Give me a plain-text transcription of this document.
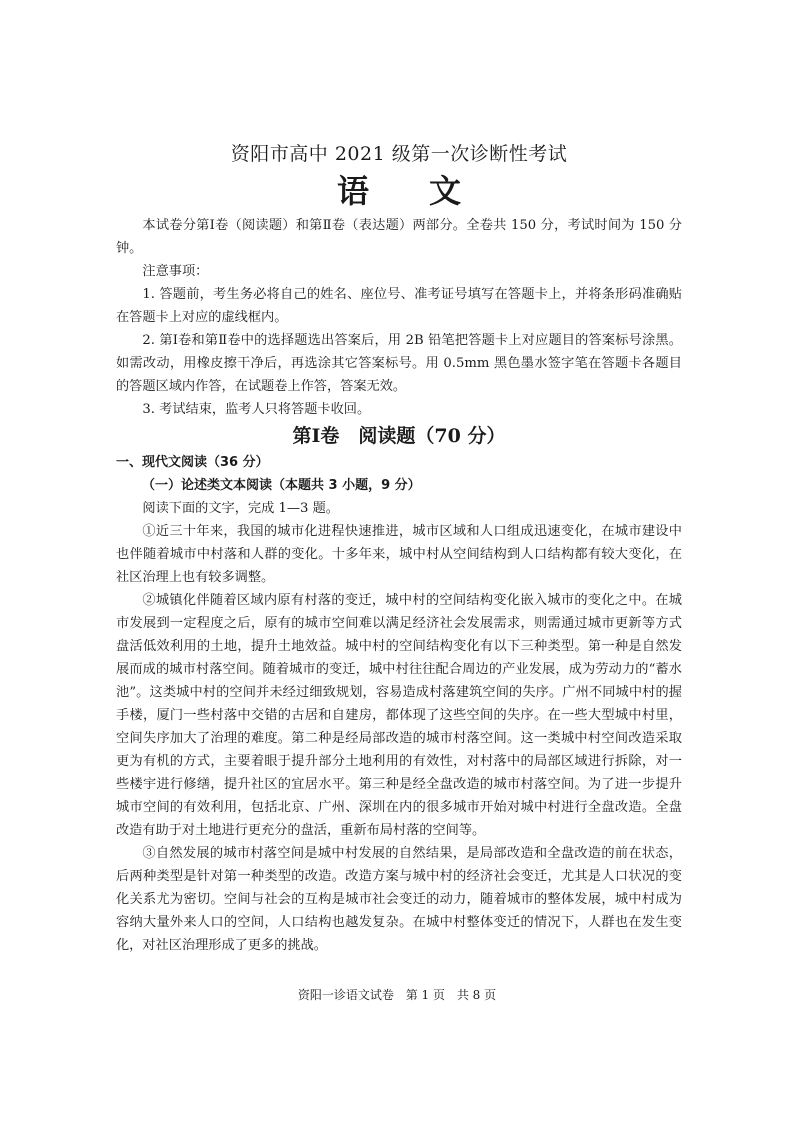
资阳市高中 2021 级第一次诊断性考试
语 文

本试卷分第Ⅰ卷（阅读题）和第Ⅱ卷（表达题）两部分。全卷共 150 分，考试时间为 150 分钟。

注意事项：

1. 答题前，考生务必将自己的姓名、座位号、准考证号填写在答题卡上，并将条形码准确贴在答题卡上对应的虚线框内。

2. 第Ⅰ卷和第Ⅱ卷中的选择题选出答案后，用 2B 铅笔把答题卡上对应题目的答案标号涂黑。如需改动，用橡皮擦干净后，再选涂其它答案标号。用 0.5mm 黑色墨水签字笔在答题卡各题目的答题区域内作答，在试题卷上作答，答案无效。

3. 考试结束，监考人只将答题卡收回。

第Ⅰ卷　阅读题（70 分）
一、现代文阅读（36 分）
（一）论述类文本阅读（本题共 3 小题，9 分）

阅读下面的文字，完成 1—3 题。

①近三十年来，我国的城市化进程快速推进，城市区域和人口组成迅速变化，在城市建设中也伴随着城市中村落和人群的变化。十多年来，城中村从空间结构到人口结构都有较大变化，在社区治理上也有较多调整。

②城镇化伴随着区域内原有村落的变迁，城中村的空间结构变化嵌入城市的变化之中。在城市发展到一定程度之后，原有的城市空间难以满足经济社会发展需求，则需通过城市更新等方式盘活低效利用的土地，提升土地效益。城中村的空间结构变化有以下三种类型。第一种是自然发展而成的城市村落空间。随着城市的变迁，城中村往往配合周边的产业发展，成为劳动力的“蓄水池”。这类城中村的空间并未经过细致规划，容易造成村落建筑空间的失序。广州不同城中村的握手楼，厦门一些村落中交错的古居和自建房，都体现了这些空间的失序。在一些大型城中村里，空间失序加大了治理的难度。第二种是经局部改造的城市村落空间。这一类城中村空间改造采取更为有机的方式，主要着眼于提升部分土地利用的有效性，对村落中的局部区域进行拆除，对一些楼宇进行修缮，提升社区的宜居水平。第三种是经全盘改造的城市村落空间。为了进一步提升城市空间的有效利用，包括北京、广州、深圳在内的很多城市开始对城中村进行全盘改造。全盘改造有助于对土地进行更充分的盘活，重新布局村落的空间等。

③自然发展的城市村落空间是城中村发展的自然结果，是局部改造和全盘改造的前在状态，后两种类型是针对第一种类型的改造。改造方案与城中村的经济社会变迁，尤其是人口状况的变化关系尤为密切。空间与社会的互构是城市社会变迁的动力，随着城市的整体发展，城中村成为容纳大量外来人口的空间，人口结构也越发复杂。在城中村整体变迁的情况下，人群也在发生变化，对社区治理形成了更多的挑战。

资阳一诊语文试卷 第 1 页 共 8 页
